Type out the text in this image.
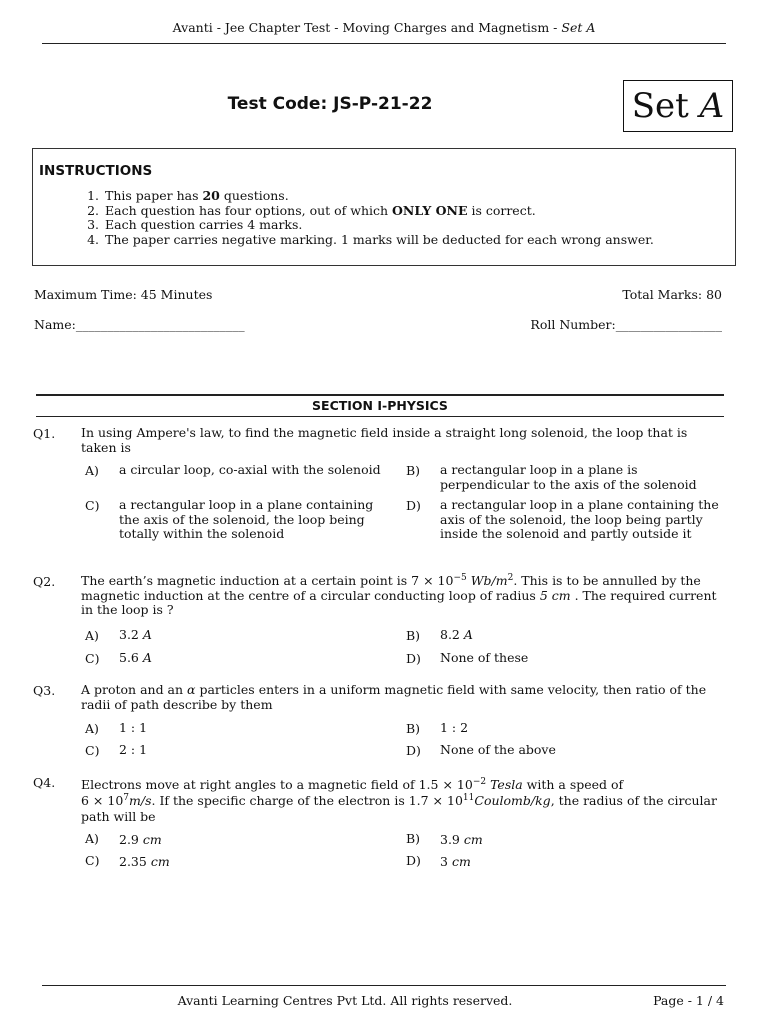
Avanti - Jee Chapter Test - Moving Charges and Magnetism - Set A
Test Code: JS-P-21-22	Set A
INSTRUCTIONS
1. This paper has 20 questions.
2. Each question has four options, out of which ONLY ONE is correct.
3. Each question carries 4 marks.
4. The paper carries negative marking. 1 marks will be deducted for each wrong answer.
Maximum Time: 45 Minutes	Total Marks: 80
Name:___________________________	Roll Number:_________________
SECTION I-PHYSICS
Q1. In using Ampere's law, to find the magnetic field inside a straight long solenoid, the loop that is taken is
A) a circular loop, co-axial with the solenoid	B) a rectangular loop in a plane is perpendicular to the axis of the solenoid
C) a rectangular loop in a plane containing the axis of the solenoid, the loop being totally within the solenoid
D) a rectangular loop in a plane containing the axis of the solenoid, the loop being partly inside the solenoid and partly outside it
Q2. The earth’s magnetic induction at a certain point is $7 \times 10^{-5}$ $Wb/m^2$. This is to be annulled by the magnetic induction at the centre of a circular conducting loop of radius 5 cm . The required current in the loop is ?
A) 3.2 A	B) 8.2 A
C) 5.6 A	D) None of these
Q3. A proton and an α particles enters in a uniform magnetic field with same velocity, then ratio of the radii of path describe by them
A) 1 : 1	B) 1 : 2
C) 2 : 1	D) None of the above
Q4. Electrons move at right angles to a magnetic field of $1.5 \times 10^{-2}$ Tesla with a speed of
$6 \times 10^7m/s$. If the specific charge of the electron is $1.7 \times 10^{11}Coulomb/kg$, the radius of the circular path will be
A) 2.9 cm	B) 3.9 cm
C) 2.35 cm	D) 3 cm
Avanti Learning Centres Pvt Ltd. All rights reserved.	Page - 1 / 4
